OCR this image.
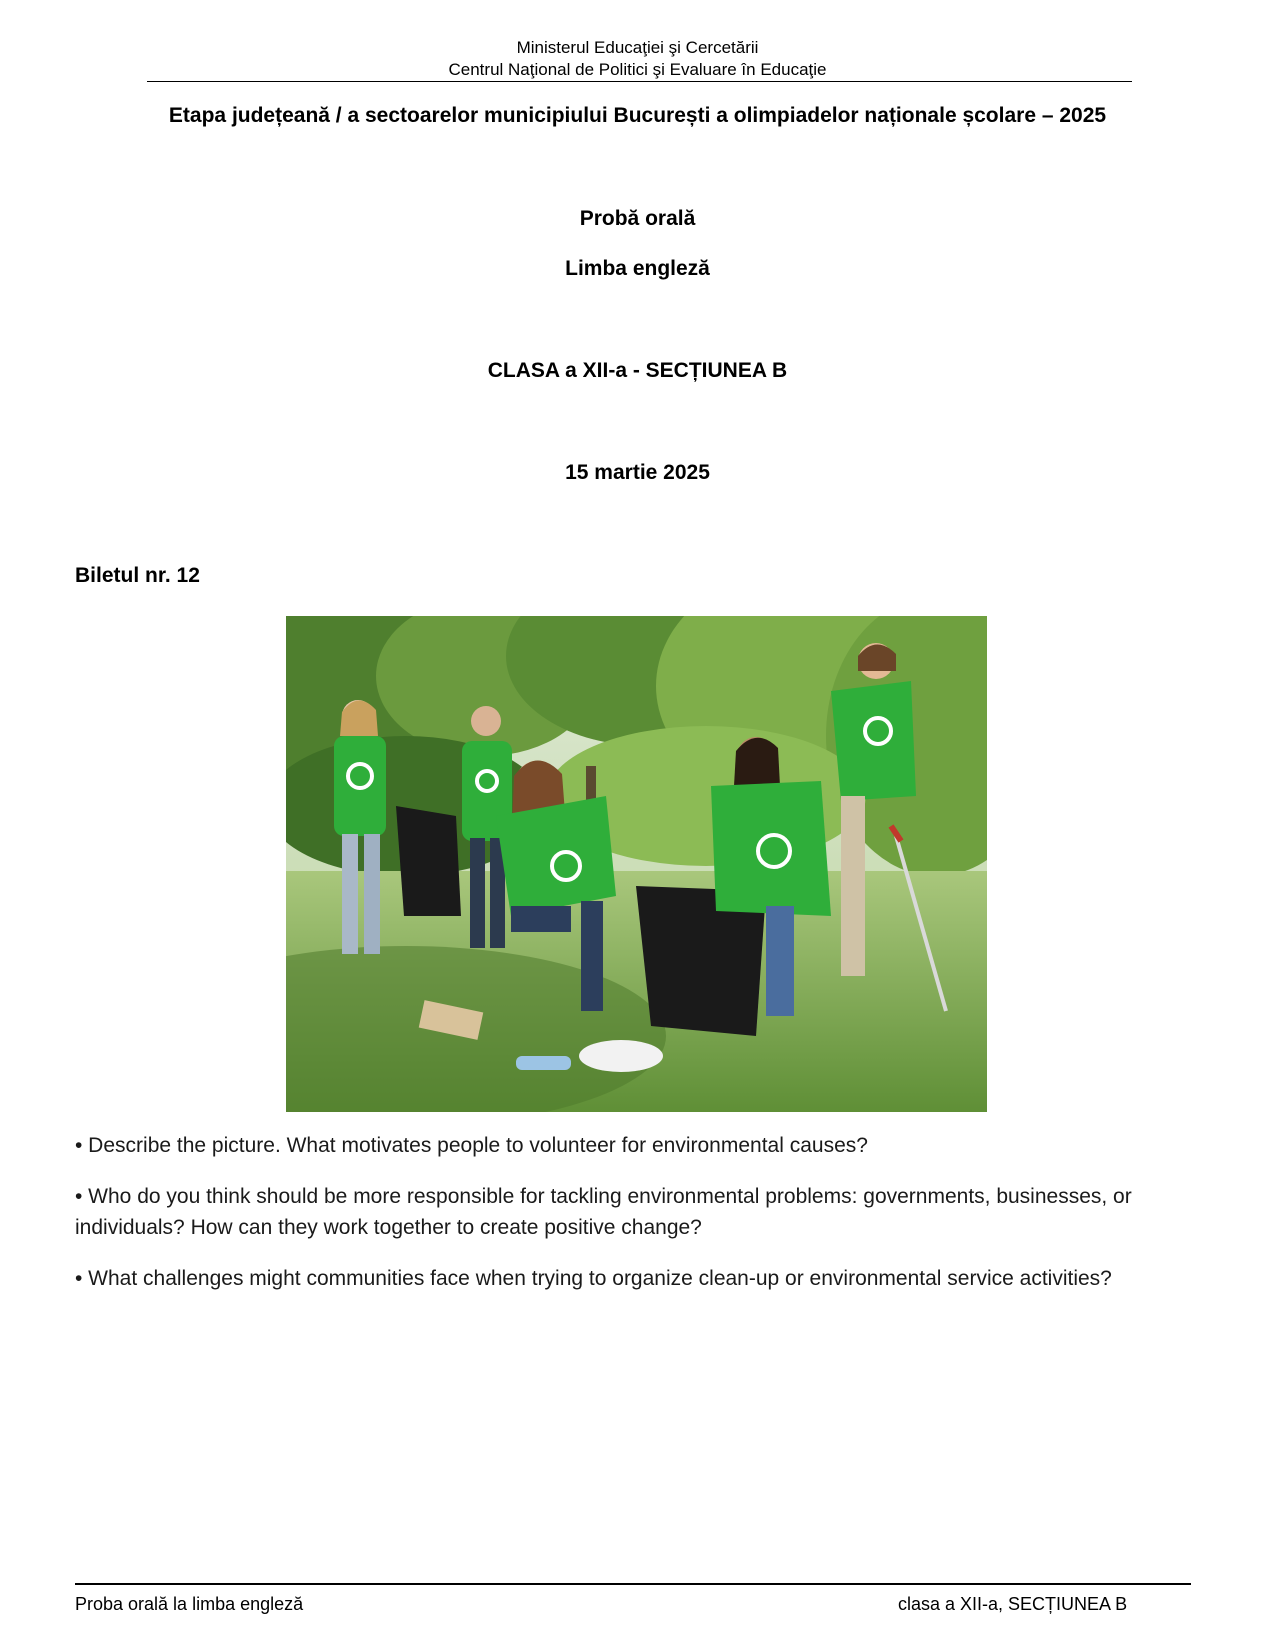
Ministerul Educaţiei şi Cercetării
Centrul Naţional de Politici şi Evaluare în Educaţie
Etapa județeană / a sectoarelor municipiului București a olimpiadelor naționale școlare – 2025
Probă orală
Limba engleză
CLASA a XII-a - SECȚIUNEA B
15 martie 2025
Biletul nr. 12
• Describe the picture. What motivates people to volunteer for environmental causes?
• Who do you think should be more responsible for tackling environmental problems: governments, businesses, or individuals? How can they work together to create positive change?
• What challenges might communities face when trying to organize clean-up or environmental service activities?
Proba orală la limba engleză	clasa a XII-a, SECȚIUNEA B
